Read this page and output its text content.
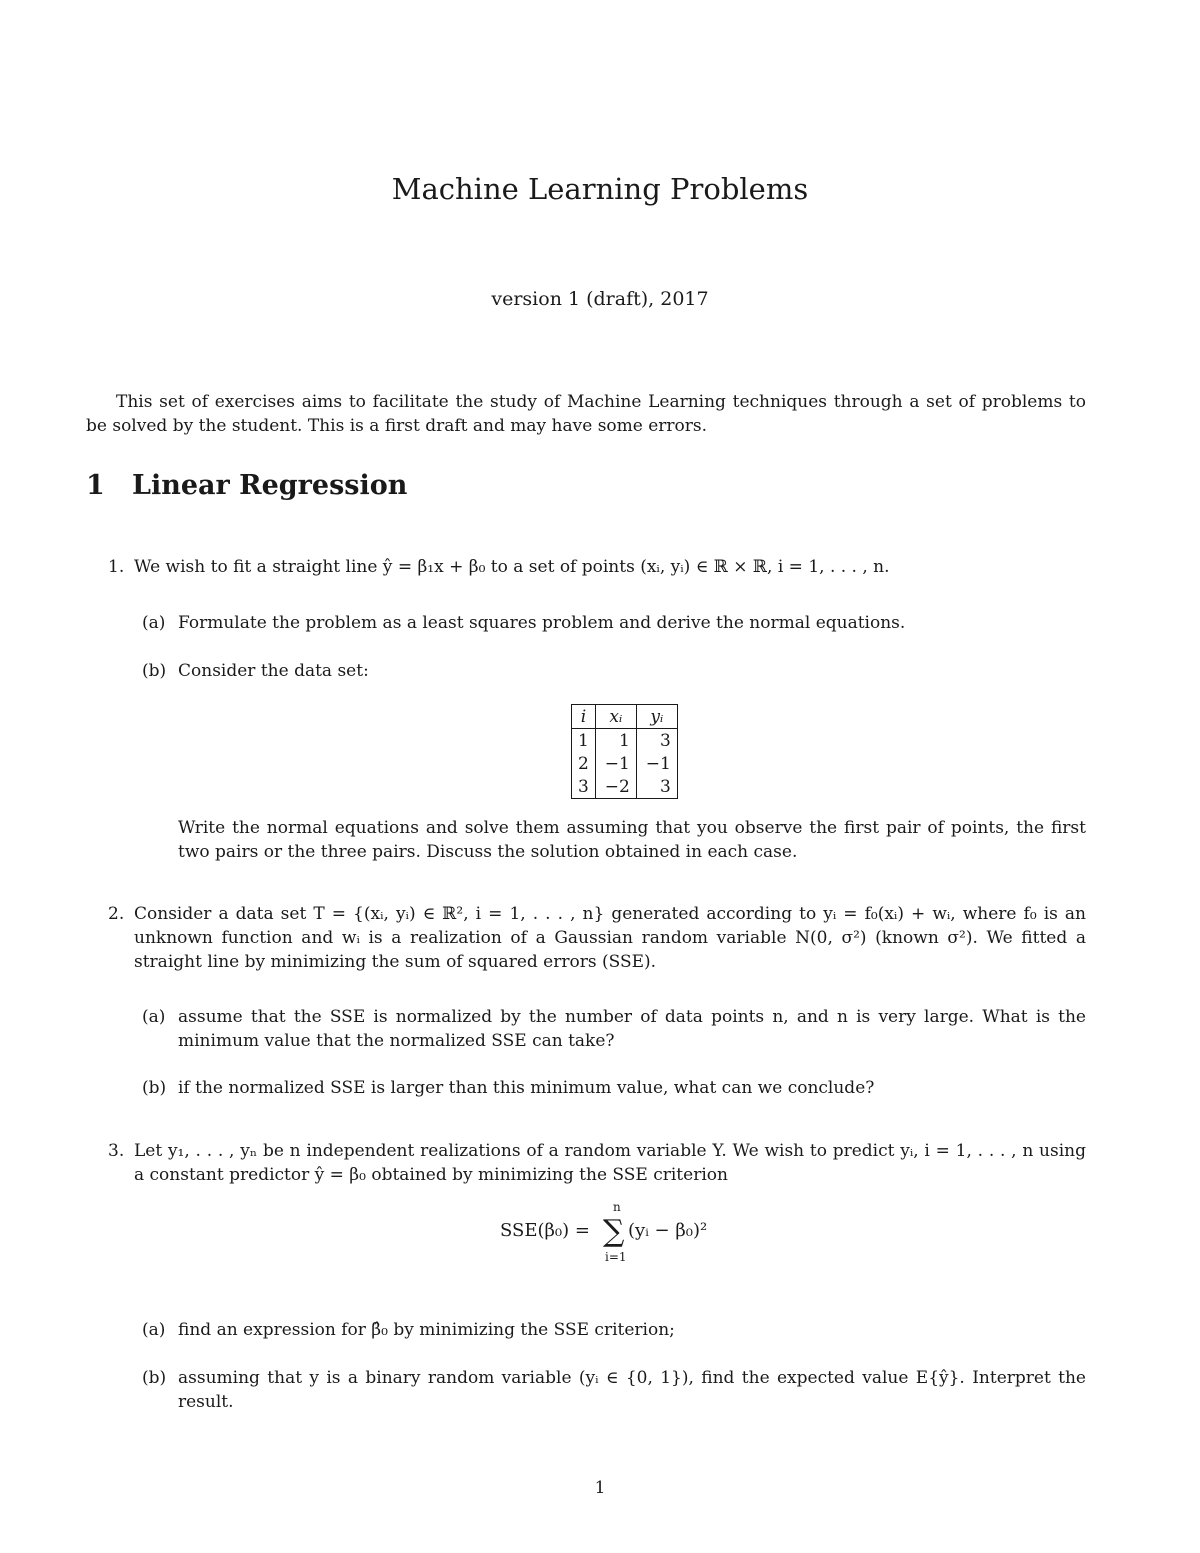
Machine Learning Problems
version 1 (draft), 2017
This set of exercises aims to facilitate the study of Machine Learning techniques through a set of problems to be solved by the student. This is a first draft and may have some errors.
1 Linear Regression
1. We wish to fit a straight line ŷ = β₁x + β₀ to a set of points (xᵢ, yᵢ) ∈ ℝ × ℝ, i = 1, . . . , n.
(a) Formulate the problem as a least squares problem and derive the normal equations.
(b) Consider the data set:
i	xᵢ	yᵢ
1	1	3
2	−1	−1
3	−2	3
Write the normal equations and solve them assuming that you observe the first pair of points, the first two pairs or the three pairs. Discuss the solution obtained in each case.
2. Consider a data set T = {(xᵢ, yᵢ) ∈ ℝ², i = 1, . . . , n} generated according to yᵢ = f₀(xᵢ) + wᵢ, where f₀ is an unknown function and wᵢ is a realization of a Gaussian random variable N(0, σ²) (known σ²). We fitted a straight line by minimizing the sum of squared errors (SSE).
(a) assume that the SSE is normalized by the number of data points n, and n is very large. What is the minimum value that the normalized SSE can take?
(b) if the normalized SSE is larger than this minimum value, what can we conclude?
3. Let y₁, . . . , yₙ be n independent realizations of a random variable Y. We wish to predict yᵢ, i = 1, . . . , n using a constant predictor ŷ = β₀ obtained by minimizing the SSE criterion
SSE(β₀) =
n
∑
i=1
(yᵢ − β₀)²
(a) find an expression for β̂₀ by minimizing the SSE criterion;
(b) assuming that y is a binary random variable (yᵢ ∈ {0, 1}), find the expected value E{ŷ}. Interpret the result.
1
